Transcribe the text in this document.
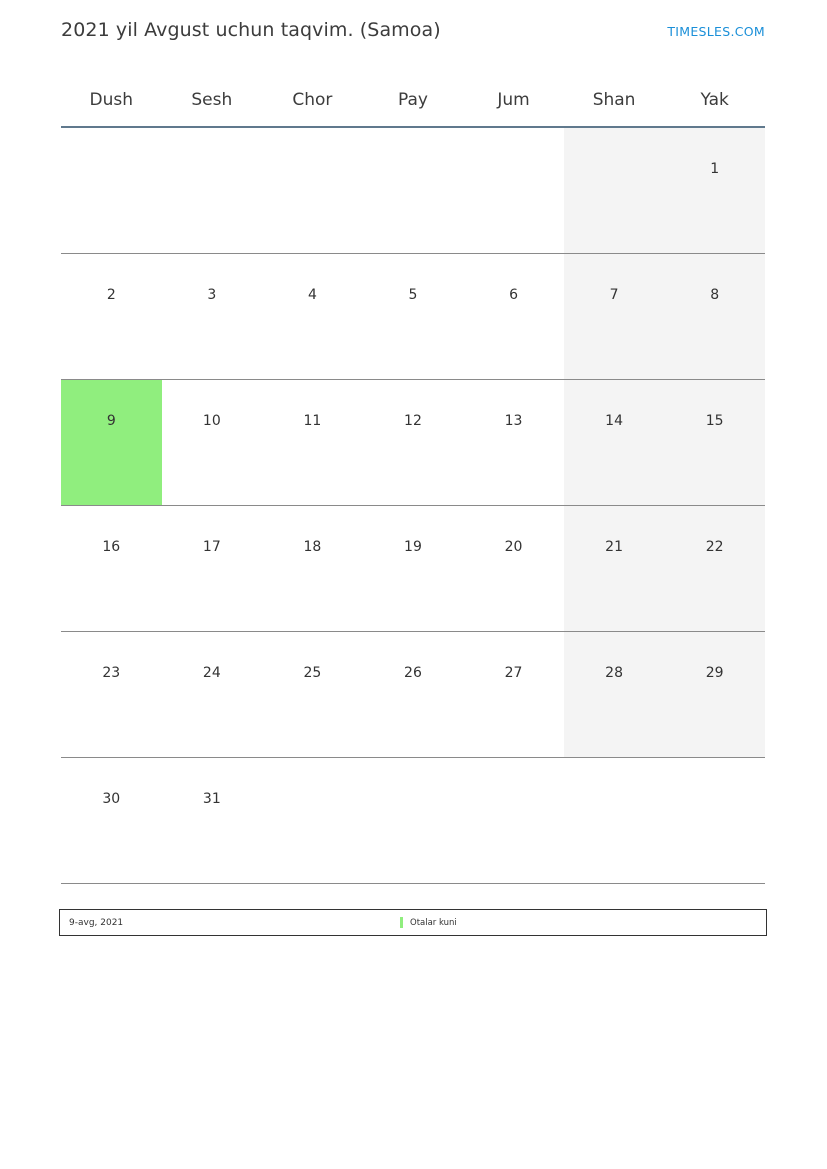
2021 yil Avgust uchun taqvim. (Samoa)	TIMESLES.COM
Dush	Sesh	Chor	Pay	Jum	Shan	Yak

						1

2	3	4	5	6	7	8

9	10	11	12	13	14	15

16	17	18	19	20	21	22

23	24	25	26	27	28	29

30	31					

9-avg, 2021	Otalar kuni
